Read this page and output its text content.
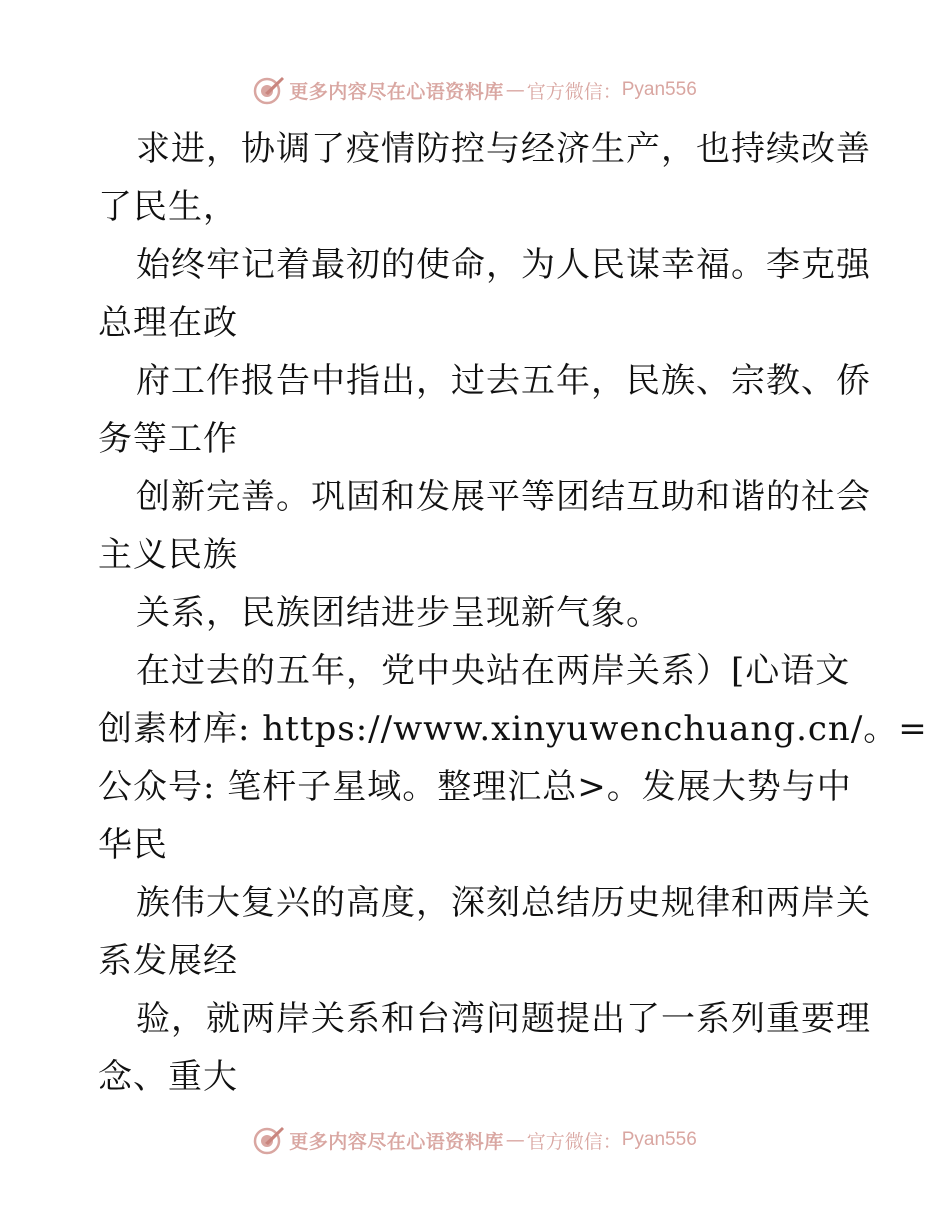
更多内容尽在心语资料库 — 官方微信： Pyan556
求进，协调了疫情防控与经济生产，也持续改善
了民生，
始终牢记着最初的使命，为人民谋幸福。李克强
总理在政
府工作报告中指出，过去五年，民族、宗教、侨
务等工作
创新完善。巩固和发展平等团结互助和谐的社会
主义民族
关系，民族团结进步呈现新气象。
在过去的五年，党中央站在两岸关系）[心语文
创素材库: https://www.xinyuwenchuang.cn/。=
公众号: 笔杆子星域。整理汇总>。发展大势与中
华民
族伟大复兴的高度，深刻总结历史规律和两岸关
系发展经
验，就两岸关系和台湾问题提出了一系列重要理
念、重大
更多内容尽在心语资料库 — 官方微信： Pyan556
